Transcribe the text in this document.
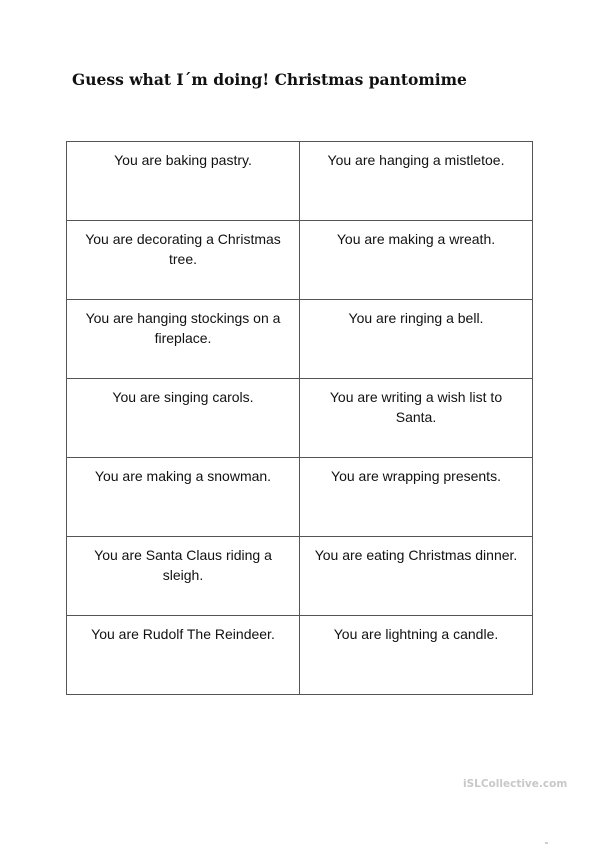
Guess what I´m doing! Christmas pantomime
You are baking pastry.	You are hanging a mistletoe.
You are decorating a Christmas tree.	You are making a wreath.
You are hanging stockings on a fireplace.	You are ringing a bell.
You are singing carols.	You are writing a wish list to Santa.
You are making a snowman.	You are wrapping presents.
You are Santa Claus riding a sleigh.	You are eating Christmas dinner.
You are Rudolf The Reindeer.	You are lightning a candle.
iSLCollective.com
